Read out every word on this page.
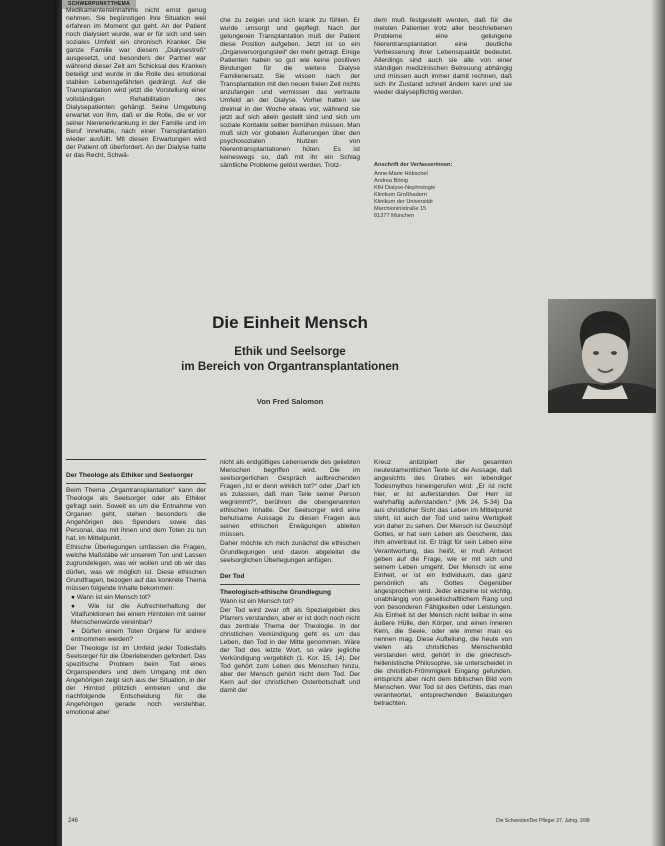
SCHWERPUNKTTHEMA

Medikamenteneinnahme nicht ernst genug nehmen. Sie begünstigen ihre Situation weil erfahren im Moment gut geht. An der Patient noch dialysiert wurde, war er für sich und sein soziales Umfeld ein chronisch Kranker. Die ganze Familie war diesem „Dialysestreß“ ausgesetzt, und besonders der Partner war während dieser Zeit am Schicksal des Kranken beteiligt und wurde in die Rolle des emotional stabilen Lebensgefährten gedrängt. Auf die Transplantation wird jetzt die Vorstellung einer vollständigen Rehabilitation des Dialysepatienten gehängt. Seine Umgebung erwartet von ihm, daß er die Rolle, die er vor seiner Nierenerkrankung in der Familie und im Beruf innehatte, nach einer Transplantation wieder ausfüllt. Mit diesen Erwartungen wird der Patient oft überfordert. An der Dialyse hatte er das Recht, Schwä-

che zu zeigen und sich krank zu fühlen. Er wurde umsorgt und gepflegt. Nach der gelungenen Transplantation muß der Patient diese Position aufgeben. Jetzt ist so ein „Organversorgungsteil“ der mehr getragt. Einige Patienten haben so gut wie keine positiven Bindungen für die weitere Dialyse Familienersatz. Sie wissen nach der Transplantation mit den neuen freien Zeit nichts anzufangen und vermissen das vertraute Umfeld an der Dialyse. Vorher hatten sie dreimal in der Woche etwas vor, während sie jetzt auf sich allein gestellt sind und sich um soziale Kontakte selber bemühen müssen. Man muß sich vor globalen Äußerungen über den psychosozialen Nutzen von Nierentransplantationen hüten. Es ist keineswegs so, daß mit ihr ein Schlag sämtliche Probleme gelöst werden. Trotz-

dem muß festgestellt werden, daß für die meisten Patienten trotz aller beschriebenen Probleme eine gelungene Nierentransplantation eine deutliche Verbesserung ihrer Lebensqualität bedeutet. Allerdings sind auch sie alle von einer ständigen medizinischen Betreuung abhängig und müssen auch immer damit rechnen, daß sich ihr Zustand schnell ändern kann und sie wieder dialysepflichtig werden.

Anschrift der Verfasserinnen:
Anne-Marie Hübschel
Andrea Bönig
KfH Dialyse-Nephrologie
Klinikum Großhadern
Klinikum der Universität
Marchioninistraße 15
81377 München
Die Einheit Mensch
Ethik und Seelsorge
im Bereich von Organtransplantationen
Von Fred Salomon

Der Theologe als Ethiker und Seelsorger

Beim Thema „Organtransplantation“ kann der Theologe als Seelsorger oder als Ethiker gefragt sein. Soweit es um die Entnahme von Organen geht, stehen besonders die Angehörigen des Spenders sowie das Personal, das mit ihnen und dem Toten zu tun hat, im Mittelpunkt.

Ethische Überlegungen umfassen die Fragen, welche Maßstäbe wir unserem Tun und Lassen zugrundelegen, was wir wollen und ob wir das dürfen, was wir möglich ist. Diese ethischen Grundfragen, bezogen auf das konkrete Thema müssen folgende Inhalte bekommen:

● Wann ist ein Mensch tot?

● Wie ist die Aufrechterhaltung der Vitalfunktionen bei einem Hirntoten mit seiner Menschenwürde vereinbar?

● Dürfen einem Toten Organe für andere entnommen werden?

Der Theologe ist im Umfeld jeder Todesfalls Seelsorger für die Überlebenden gefordert. Das spezifische Problem beim Tod eines Organspenders und dem Umgang mit den Angehörigen zeigt sich aus der Situation, in der der Hirntod plötzlich eintreten und die nachfolgende Entscheidung für die Angehörigen gerade noch verstehbar, emotional aber

nicht als endgültiges Lebensende des geliebten Menschen begriffen wird. Die im seelsorgerlichen Gespräch aufbrechenden Fragen „Ist er denn wirklich tot?“ oder „Darf ich es zulassen, daß man Teile seiner Person wegnimmt?“, berühren die obengenannten ethischen Inhalte. Der Seelsorger wird eine behutsame Aussage zu diesen Fragen aus seinen ethischen Erwägungen ableiten müssen.

Daher möchte ich mich zunächst die ethischen Grundlegungen und davon abgeleitet die seelsorglichen Überlegungen anfügen.

Der Tod

Theologisch-ethische Grundlegung

Wann ist ein Mensch tot?

Der Tod wird zwar oft als Spezialgebiet des Pfarrers verstanden, aber er ist doch noch nicht das zentrale Thema der Theologie. In der christlichen Verkündigung geht es um das Leben, den Tod in der Mitte genommen. Wäre der Tod des letzte Wort, so wäre jegliche Verkündigung vergeblich (1. Kor. 15, 14). Der Tod gehört zum Leben des Menschen hinzu, aber der Mensch gehört nicht dem Tod. Der Kern auf der christlichen Osterbotschaft und damit der

Kreuz antizipiert der gesamten neutestamentlichen Texte ist die Aussage, daß angesichts des Grabes ein lebendiger Todesmythos hineingerufen wird: „Er ist nicht hier, er ist auferstanden. Der Herr ist wahrhaftig auferstanden.“ (Mk 24, 5-34) Da aus christlicher Sicht das Leben im Mittelpunkt steht, ist auch der Tod und seine Wertigkeit von daher zu sehen. Der Mensch ist Geschöpf Gottes, er hat sein Leben als Geschenk, das ihm anvertraut ist. Er trägt für sein Leben eine Verantwortung, das heißt, er muß Antwort geben auf die Frage, wie er mit sich und seinem Leben umgeht. Der Mensch ist eine Einheit, er ist ein Individuum, das ganz persönlich als Gottes Gegenüber angesprochen wird. Jeder einzelne ist wichtig, unabhängig von gesellschaftlichem Rang und von besonderen Fähigkeiten oder Leistungen. Als Einheit ist der Mensch nicht teilbar in eine äußere Hülle, den Körper, und einen inneren Kern, die Seele, oder wie immer man es nennen mag. Diese Aufteilung, die heute von vielen als christliches Menschenbild verstanden wird, gehört in die griechisch-hellenistische Philosophie, sie unterscheidet in die christlich-Frömmigkeit Eingang gefunden, entspricht aber nicht dem biblischen Bild vom Menschen. Wer Tod ist des Gefühls, das man verantwortet, entsprechenden Belastungen betrachten.

246	Die Schwester/Der Pfleger 37. Jahrg. 3/98
